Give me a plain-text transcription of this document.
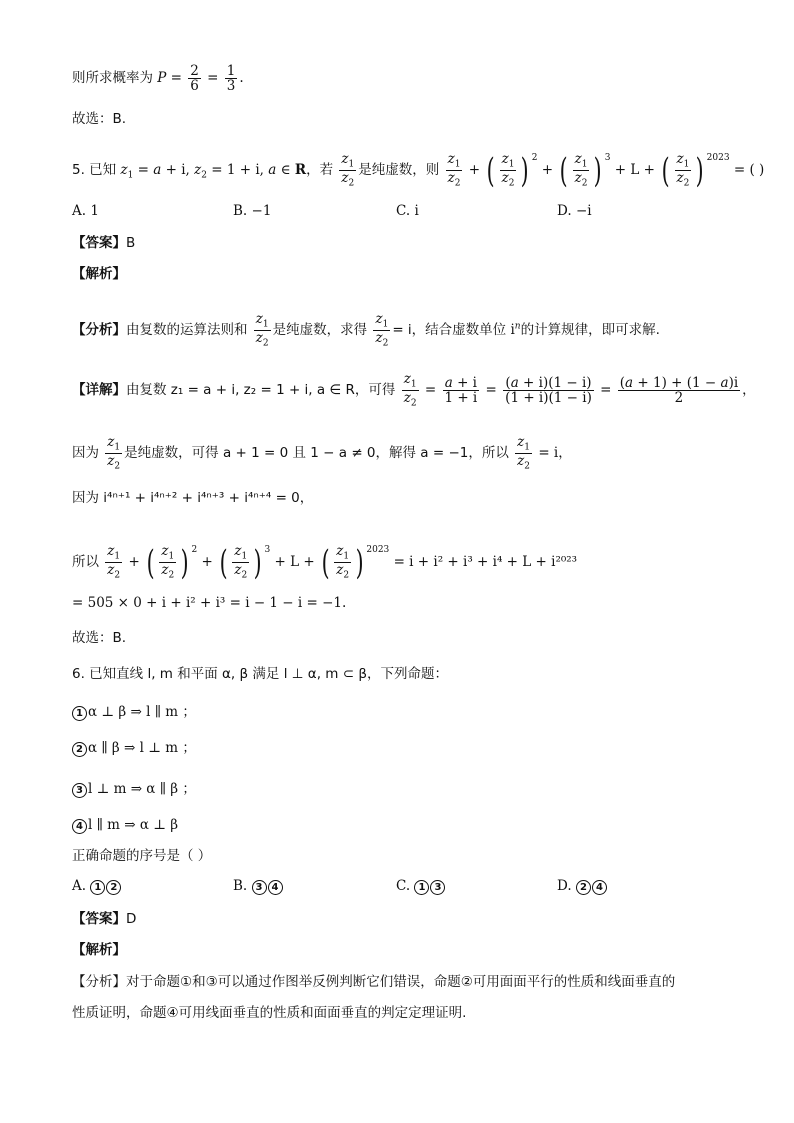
则所求概率为 $P = \frac{2}{6} = \frac{1}{3}$ .
故选：B.
5. 已知 $z_1 = a + i$, $z_2 = 1 + i$, a ∈ R，若 $\frac{z_1}{z_2}$ 是纯虚数，则 $\frac{z_1}{z_2}$ + ( $\frac{z_1}{z_2}$ ) $^2$ + ( $\frac{z_1}{z_2}$ ) $^3$ + L + ( $\frac{z_1}{z_2}$ ) $^{2023}$ = ( )
A. 1	B. −1	C. i	D. −i
【答案】B
【解析】
【分析】由复数的运算法则和 $\frac{z_1}{z_2}$ 是纯虚数，求得 $\frac{z_1}{z_2} = i$，结合虚数单位 $i^n$的计算规律，即可求解.
【详解】由复数 z₁ = a + i, z₂ = 1 + i, a ∈ R，可得 $\frac{z_1}{z_2} = \frac{a + i}{1 + i} = \frac{(a + i)(1 - i)}{(1 + i)(1 - i)} = \frac{(a + 1) + (1 - a)i}{2}$ ，
因为 $\frac{z_1}{z_2}$ 是纯虚数，可得 a + 1 = 0 且 1 − a ≠ 0，解得 a = −1，所以 $\frac{z_1}{z_2} = i$，
因为 i⁴ⁿ⁺¹ + i⁴ⁿ⁺² + i⁴ⁿ⁺³ + i⁴ⁿ⁺⁴ = 0，
所以 $\frac{z_1}{z_2}$ + ( $\frac{z_1}{z_2}$ ) $^2$ + ( $\frac{z_1}{z_2}$ ) $^3$ + L + ( $\frac{z_1}{z_2}$ ) $^{2023}$ = i + i² + i³ + i⁴ + L + i²⁰²³
= 505 × 0 + i + i² + i³ = i − 1 − i = −1.
故选：B.
6. 已知直线 l, m 和平面 α, β 满足 l ⊥ α, m ⊂ β，下列命题：
1 α ⊥ β ⇒ l ∥ m ；
2 α ∥ β ⇒ l ⊥ m ；
3 l ⊥ m ⇒ α ∥ β ；
4 l ∥ m ⇒ α ⊥ β
正确命题的序号是（ ）
A. 1 2	B. 3 4	C. 1 3	D. 2 4
【答案】D
【解析】
【分析】对于命题①和③可以通过作图举反例判断它们错误，命题②可用面面平行的性质和线面垂直的
性质证明，命题④可用线面垂直的性质和面面垂直的判定定理证明.
